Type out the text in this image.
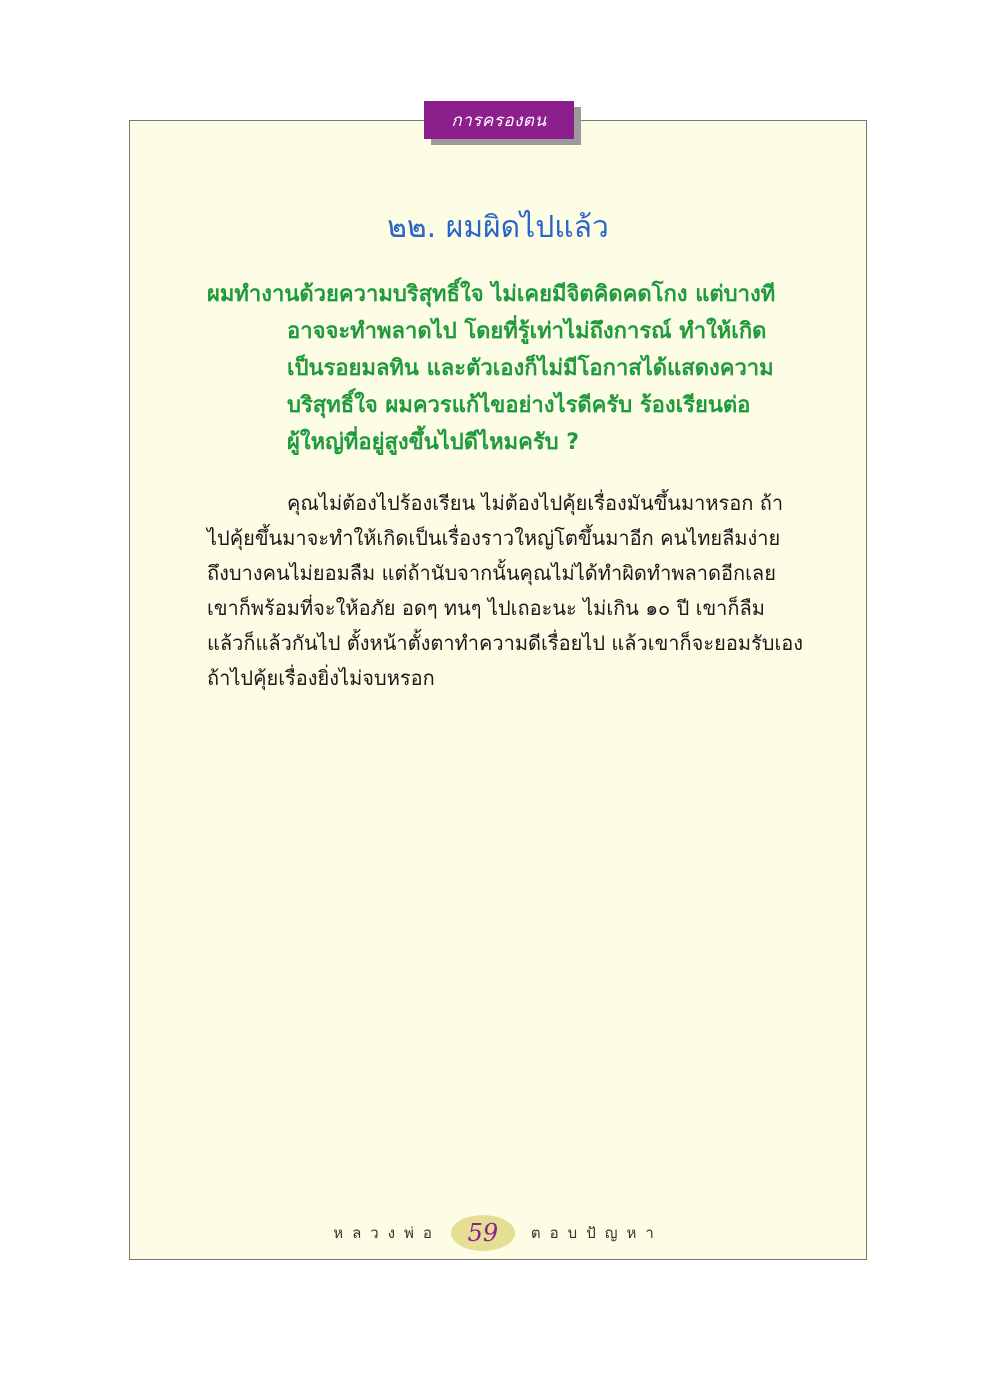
การครองตน
๒๒. ผมผิดไปแล้ว
ผมทำงานด้วยความบริสุทธิ์ใจ ไม่เคยมีจิตคิดคดโกง แต่บางที
อาจจะทำพลาดไป โดยที่รู้เท่าไม่ถึงการณ์ ทำให้เกิด
เป็นรอยมลทิน และตัวเองก็ไม่มีโอกาสได้แสดงความ
บริสุทธิ์ใจ ผมควรแก้ไขอย่างไรดีครับ ร้องเรียนต่อ
ผู้ใหญ่ที่อยู่สูงขึ้นไปดีไหมครับ ?
คุณไม่ต้องไปร้องเรียน ไม่ต้องไปคุ้ยเรื่องมันขึ้นมาหรอก ถ้า
ไปคุ้ยขึ้นมาจะทำให้เกิดเป็นเรื่องราวใหญ่โตขึ้นมาอีก คนไทยลืมง่าย
ถึงบางคนไม่ยอมลืม แต่ถ้านับจากนั้นคุณไม่ได้ทำผิดทำพลาดอีกเลย
เขาก็พร้อมที่จะให้อภัย อดๆ ทนๆ ไปเถอะนะ ไม่เกิน ๑๐ ปี เขาก็ลืม
แล้วก็แล้วกันไป ตั้งหน้าตั้งตาทำความดีเรื่อยไป แล้วเขาก็จะยอมรับเอง
ถ้าไปคุ้ยเรื่องยิ่งไม่จบหรอก
หลวงพ่อ	59	ตอบปัญหา
